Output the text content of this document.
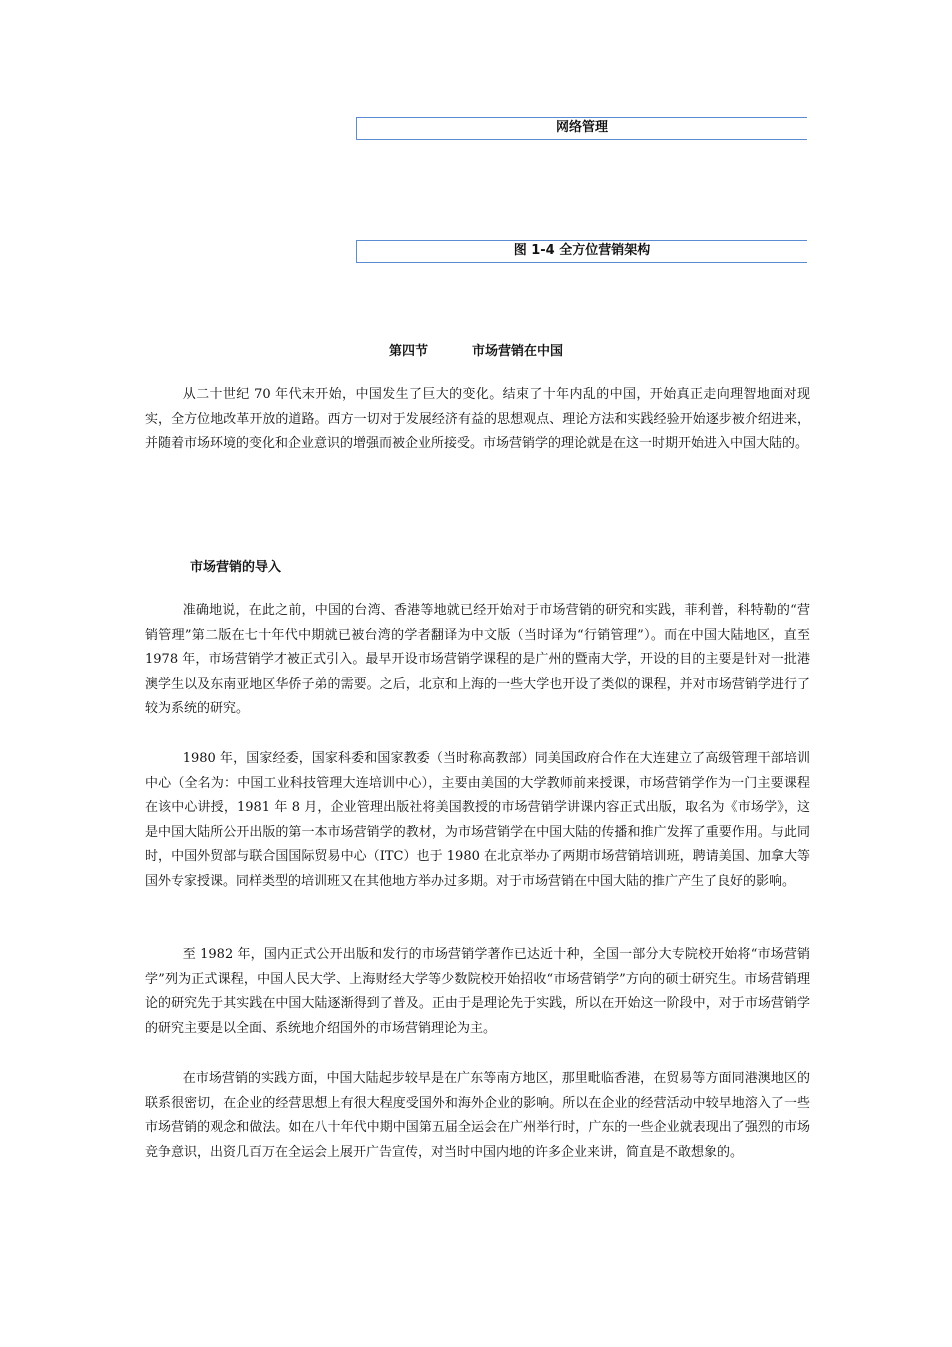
网络管理
图 1-4 全方位营销架构
第四节	市场营销在中国

从二十世纪 70 年代末开始，中国发生了巨大的变化。结束了十年内乱的中国，开始真正走向理智地面对现实，全方位地改革开放的道路。西方一切对于发展经济有益的思想观点、理论方法和实践经验开始逐步被介绍进来，并随着市场环境的变化和企业意识的增强而被企业所接受。市场营销学的理论就是在这一时期开始进入中国大陆的。

市场营销的导入

准确地说，在此之前，中国的台湾、香港等地就已经开始对于市场营销的研究和实践，菲利普，科特勒的“营销管理”第二版在七十年代中期就已被台湾的学者翻译为中文版（当时译为“行销管理”）。而在中国大陆地区，直至 1978 年，市场营销学才被正式引入。最早开设市场营销学课程的是广州的暨南大学，开设的目的主要是针对一批港澳学生以及东南亚地区华侨子弟的需要。之后，北京和上海的一些大学也开设了类似的课程，并对市场营销学进行了较为系统的研究。

1980 年，国家经委，国家科委和国家教委（当时称高教部）同美国政府合作在大连建立了高级管理干部培训中心（全名为：中国工业科技管理大连培训中心），主要由美国的大学教师前来授课，市场营销学作为一门主要课程在该中心讲授，1981 年 8 月，企业管理出版社将美国教授的市场营销学讲课内容正式出版，取名为《市场学》，这是中国大陆所公开出版的第一本市场营销学的教材，为市场营销学在中国大陆的传播和推广发挥了重要作用。与此同时，中国外贸部与联合国国际贸易中心（ITC）也于 1980 在北京举办了两期市场营销培训班，聘请美国、加拿大等国外专家授课。同样类型的培训班又在其他地方举办过多期。对于市场营销在中国大陆的推广产生了良好的影响。

至 1982 年，国内正式公开出版和发行的市场营销学著作已达近十种，全国一部分大专院校开始将“市场营销学”列为正式课程，中国人民大学、上海财经大学等少数院校开始招收“市场营销学”方向的硕士研究生。市场营销理论的研究先于其实践在中国大陆逐渐得到了普及。正由于是理论先于实践，所以在开始这一阶段中，对于市场营销学的研究主要是以全面、系统地介绍国外的市场营销理论为主。

在市场营销的实践方面，中国大陆起步较早是在广东等南方地区，那里毗临香港，在贸易等方面同港澳地区的联系很密切，在企业的经营思想上有很大程度受国外和海外企业的影响。所以在企业的经营活动中较早地溶入了一些市场营销的观念和做法。如在八十年代中期中国第五届全运会在广州举行时，广东的一些企业就表现出了强烈的市场竞争意识，出资几百万在全运会上展开广告宣传，对当时中国内地的许多企业来讲，简直是不敢想象的。
